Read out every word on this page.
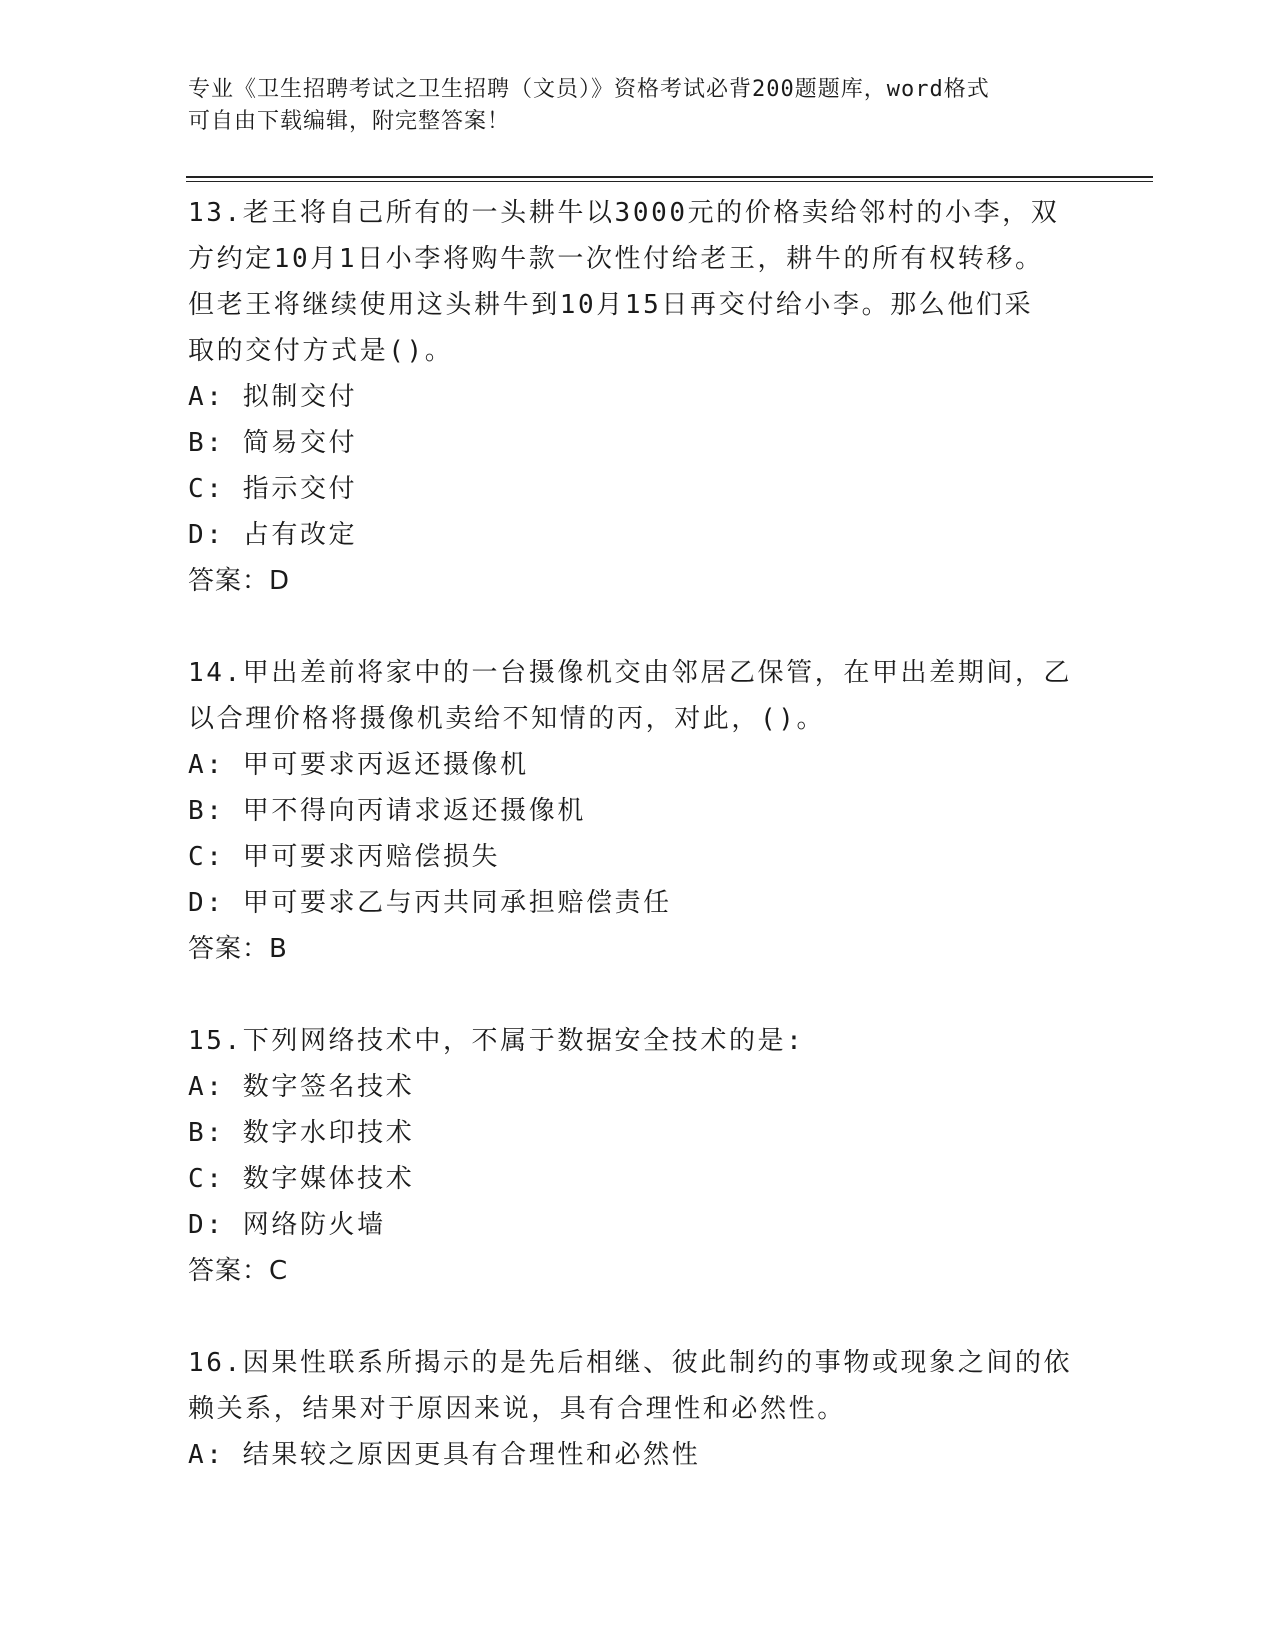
专业《卫生招聘考试之卫生招聘（文员）》资格考试必背200题题库，word格式

可自由下载编辑，附完整答案！

13.老王将自己所有的一头耕牛以3000元的价格卖给邻村的小李，双

方约定10月1日小李将购牛款一次性付给老王，耕牛的所有权转移。

但老王将继续使用这头耕牛到10月15日再交付给小李。那么他们采

取的交付方式是()。

A: 拟制交付

B: 简易交付

C: 指示交付

D: 占有改定

答案：D

14.甲出差前将家中的一台摄像机交由邻居乙保管，在甲出差期间，乙

以合理价格将摄像机卖给不知情的丙，对此，()。

A: 甲可要求丙返还摄像机

B: 甲不得向丙请求返还摄像机

C: 甲可要求丙赔偿损失

D: 甲可要求乙与丙共同承担赔偿责任

答案：B

15.下列网络技术中，不属于数据安全技术的是:

A: 数字签名技术

B: 数字水印技术

C: 数字媒体技术

D: 网络防火墙

答案：C

16.因果性联系所揭示的是先后相继、彼此制约的事物或现象之间的依

赖关系，结果对于原因来说，具有合理性和必然性。

A: 结果较之原因更具有合理性和必然性
